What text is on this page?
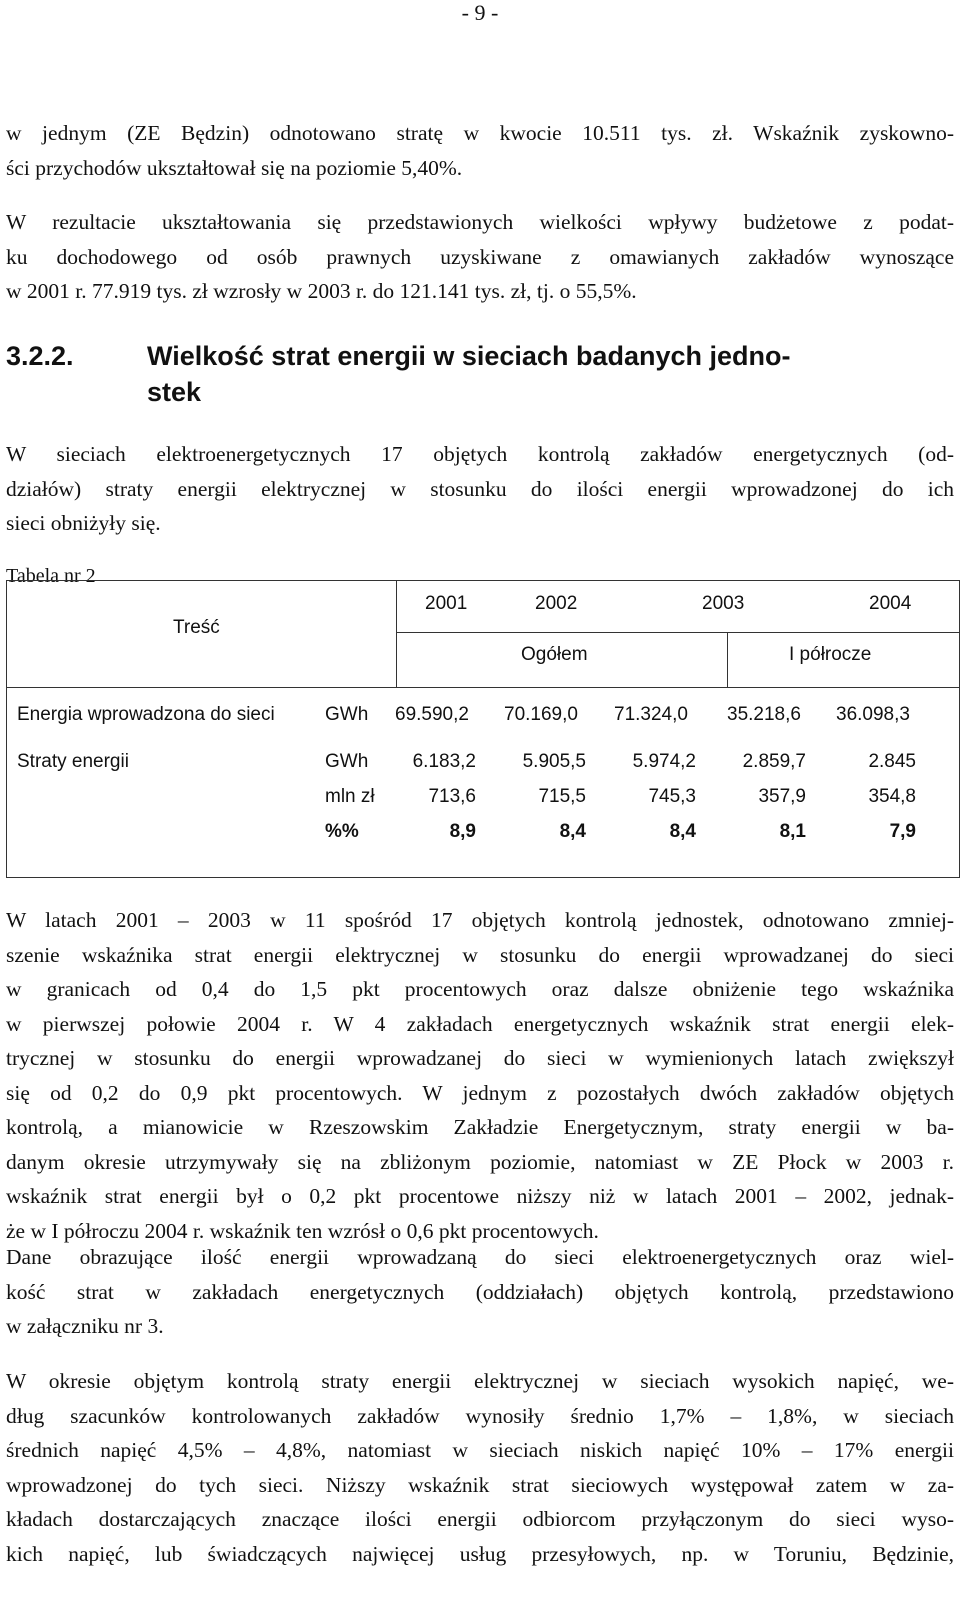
- 9 -
w jednym (ZE Będzin) odnotowano stratę w kwocie 10.511 tys. zł. Wskaźnik zyskowno-
ści przychodów ukształtował się na poziomie 5,40%.
W rezultacie ukształtowania się przedstawionych wielkości wpływy budżetowe z podat-
ku dochodowego od osób prawnych uzyskiwane z omawianych zakładów wynoszące
w 2001 r. 77.919 tys. zł wzrosły w 2003 r. do 121.141 tys. zł, tj. o 55,5%.
3.2.2.	Wielkość strat energii w sieciach badanych jedno-
stek
W sieciach elektroenergetycznych 17 objętych kontrolą zakładów energetycznych (od-
działów) straty energii elektrycznej w stosunku do ilości energii wprowadzonej do ich
sieci obniżyły się.
Tabela nr 2
Treść
2001	2002	2003	2004
Ogółem	I półrocze
Energia wprowadzona do sieci	GWh 69.590,2 70.169,0 71.324,0 35.218,6 36.098,3
Straty energii	GWh	6.183,2	5.905,5	5.974,2	2.859,7	2.845
mln zł	713,6	715,5	745,3	357,9	354,8
%%	8,9	8,4	8,4	8,1	7,9
W latach 2001 – 2003 w 11 spośród 17 objętych kontrolą jednostek, odnotowano zmniej-
szenie wskaźnika strat energii elektrycznej w stosunku do energii wprowadzanej do sieci
w granicach od 0,4 do 1,5 pkt procentowych oraz dalsze obniżenie tego wskaźnika
w pierwszej połowie 2004 r. W 4 zakładach energetycznych wskaźnik strat energii elek-
trycznej w stosunku do energii wprowadzanej do sieci w wymienionych latach zwiększył
się od 0,2 do 0,9 pkt procentowych. W jednym z pozostałych dwóch zakładów objętych
kontrolą, a mianowicie w Rzeszowskim Zakładzie Energetycznym, straty energii w ba-
danym okresie utrzymywały się na zbliżonym poziomie, natomiast w ZE Płock w 2003 r.
wskaźnik strat energii był o 0,2 pkt procentowe niższy niż w latach 2001 – 2002, jednak-
że w I półroczu 2004 r. wskaźnik ten wzrósł o 0,6 pkt procentowych.
Dane obrazujące ilość energii wprowadzaną do sieci elektroenergetycznych oraz wiel-
kość strat w zakładach energetycznych (oddziałach) objętych kontrolą, przedstawiono
w załączniku nr 3.
W okresie objętym kontrolą straty energii elektrycznej w sieciach wysokich napięć, we-
dług szacunków kontrolowanych zakładów wynosiły średnio 1,7% – 1,8%, w sieciach
średnich napięć 4,5% – 4,8%, natomiast w sieciach niskich napięć 10% – 17% energii
wprowadzonej do tych sieci. Niższy wskaźnik strat sieciowych występował zatem w za-
kładach dostarczających znaczące ilości energii odbiorcom przyłączonym do sieci wyso-
kich napięć, lub świadczących najwięcej usług przesyłowych, np. w Toruniu, Będzinie,
